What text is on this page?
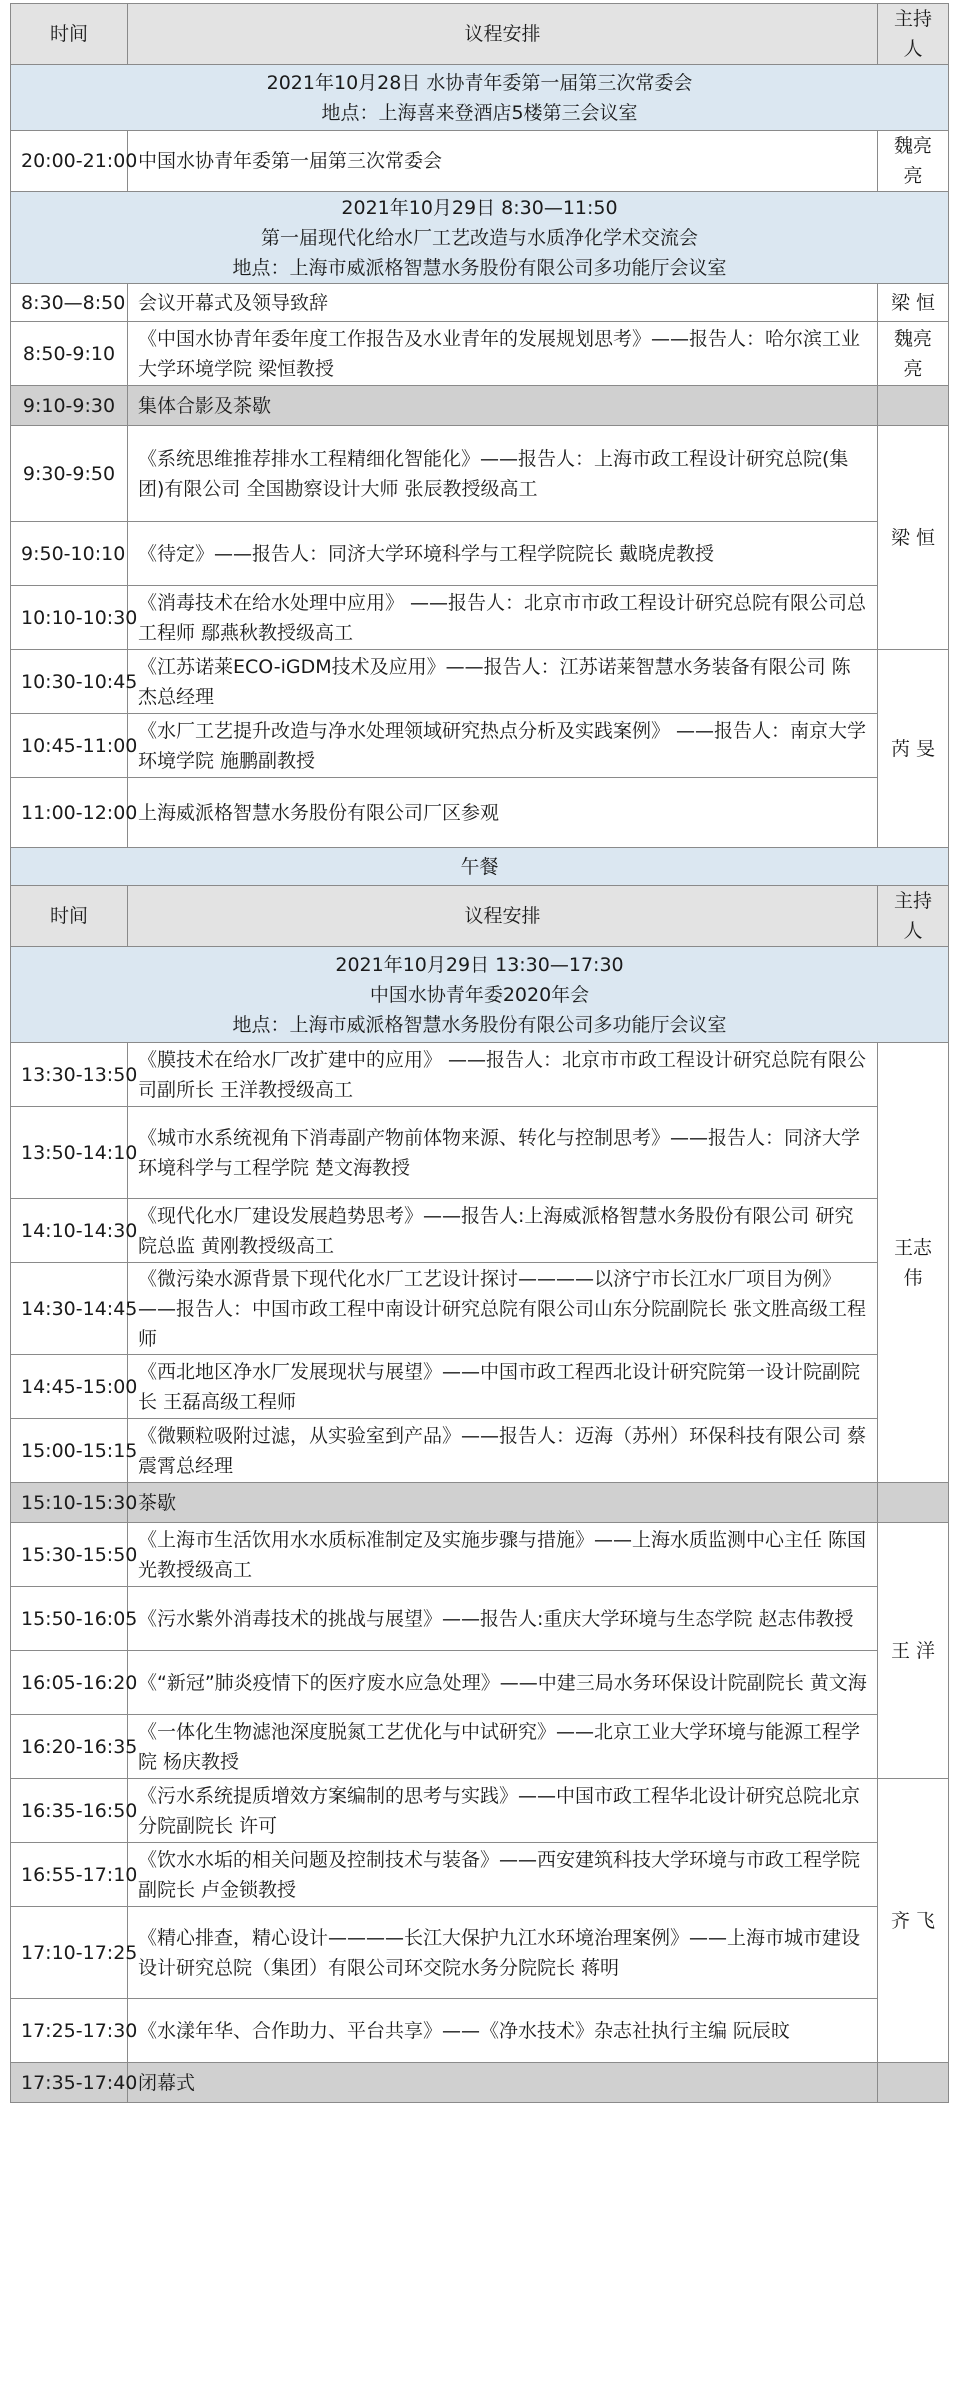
时间	议程安排	主持人

2021年10月28日 水协青年委第一届第三次常委会
地点：上海喜来登酒店5楼第三会议室		

20:00-21:00	中国水协青年委第一届第三次常委会	魏亮亮

2021年10月29日 8:30—11:50
第一届现代化给水厂工艺改造与水质净化学术交流会
地点：上海市威派格智慧水务股份有限公司多功能厅会议室		

8:30—8:50	会议开幕式及领导致辞	梁 恒
8:50-9:10	《中国水协青年委年度工作报告及水业青年的发展规划思考》——报告人：哈尔滨工业大学环境学院 梁恒教授	魏亮亮
9:10-9:30	集体合影及茶歇	
9:30-9:50	《系统思维推荐排水工程精细化智能化》——报告人：上海市政工程设计研究总院(集团)有限公司 全国勘察设计大师 张辰教授级高工	梁 恒
9:50-10:10	《待定》——报告人：同济大学环境科学与工程学院院长 戴晓虎教授	
10:10-10:30	《消毒技术在给水处理中应用》 ——报告人：北京市市政工程设计研究总院有限公司总工程师 鄢燕秋教授级高工	
10:30-10:45	《江苏诺莱ECO-iGDM技术及应用》——报告人：江苏诺莱智慧水务装备有限公司 陈杰总经理	芮 旻
10:45-11:00	《水厂工艺提升改造与净水处理领域研究热点分析及实践案例》 ——报告人：南京大学环境学院 施鹏副教授	
11:00-12:00	上海威派格智慧水务股份有限公司厂区参观	
午餐		
时间	议程安排	主持人

2021年10月29日 13:30—17:30
中国水协青年委2020年会
地点：上海市威派格智慧水务股份有限公司多功能厅会议室		

13:30-13:50	《膜技术在给水厂改扩建中的应用》 ——报告人：北京市市政工程设计研究总院有限公司副所长 王洋教授级高工	王志伟
13:50-14:10	《城市水系统视角下消毒副产物前体物来源、转化与控制思考》——报告人：同济大学环境科学与工程学院 楚文海教授	
14:10-14:30	《现代化水厂建设发展趋势思考》——报告人:上海威派格智慧水务股份有限公司 研究院总监 黄刚教授级高工	
14:30-14:45	《微污染水源背景下现代化水厂工艺设计探讨————以济宁市长江水厂项目为例》——报告人：中国市政工程中南设计研究总院有限公司山东分院副院长 张文胜高级工程师	
14:45-15:00	《西北地区净水厂发展现状与展望》——中国市政工程西北设计研究院第一设计院副院长 王磊高级工程师	
15:00-15:15	《微颗粒吸附过滤，从实验室到产品》——报告人：迈海（苏州）环保科技有限公司 蔡震霄总经理	
15:10-15:30	茶歇	
15:30-15:50	《上海市生活饮用水水质标准制定及实施步骤与措施》——上海水质监测中心主任 陈国光教授级高工	王 洋
15:50-16:05	《污水紫外消毒技术的挑战与展望》——报告人:重庆大学环境与生态学院 赵志伟教授	
16:05-16:20	《“新冠”肺炎疫情下的医疗废水应急处理》——中建三局水务环保设计院副院长 黄文海	
16:20-16:35	《一体化生物滤池深度脱氮工艺优化与中试研究》——北京工业大学环境与能源工程学院 杨庆教授	
16:35-16:50	《污水系统提质增效方案编制的思考与实践》——中国市政工程华北设计研究总院北京分院副院长 许可	齐 飞
16:55-17:10	《饮水水垢的相关问题及控制技术与装备》——西安建筑科技大学环境与市政工程学院副院长 卢金锁教授	
17:10-17:25	《精心排查，精心设计————长江大保护九江水环境治理案例》——上海市城市建设设计研究总院（集团）有限公司环交院水务分院院长 蒋明	
17:25-17:30	《水漾年华、合作助力、平台共享》——《净水技术》杂志社执行主编 阮辰旼	
17:35-17:40	闭幕式	
